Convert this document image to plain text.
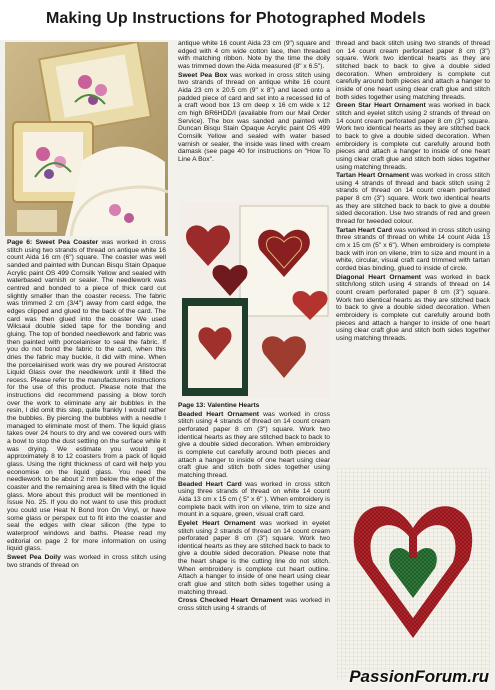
Making Up Instructions for Photographed Models

Page 6: Sweet Pea Coaster was worked in cross stitch using two strands of thread on antique white 16 count Aida 16 cm (6") square. The coaster was well sanded and painted with Duncan Bisqu Stain Opaque Acrylic paint OS 499 Cornsilk Yellow and sealed with waterbased varnish or sealer. The needlework was centred and bonded to a piece of thick card cut slightly smaller than the coaster recess. The fabric was trimmed 2 cm (3/4") away from card edge, the edges clipped and glued to the back of the card. The card was then glued into the coaster We used Wiksaui double sided tape for the bonding and gluing. The top of bonded needlework and fabric was then painted with porcelainiser to seal the fabric. If you do not bond the fabric to the card, when this dries the fabric may buckle, it did with mine. When the porcelainised work was dry we poured Aristocrat Liquid Glass over the needlework until it filled the recess. Please refer to the manufacturers instructions for the use of this product. Please note that the instructions did recommend passing a blow torch over the work to eliminate any air bubbles in the resin, I did omit this step, quite frankly I would rather the bubbles. By piercing the bubbles with a needle I managed to eliminate most of them. The liquid glass takes over 24 hours to dry and we covered ours with a bowl to stop the dust settling on the surface while it was drying. We estimate you would get approximately 8 to 12 coasters from a pack of liquid glass. Using the right thickness of card will help you economise on the liquid glass. You need the needlework to be about 2 mm below the edge of the coaster and the remaining area is filled with the liquid glass. More about this product will be mentioned in Issue No. 25. If you do not want to use this product you could use Heat N Bond Iron On Vinyl, or have some glass or perspex cut to fit into the coaster and seal the edges with clear silicon (the type to waterproof windows and baths. Please read my editorial on page 2 for more information on using liquid glass.

Sweet Pea Doily was worked in cross stitch using two strands of thread on

antique white 16 count Aida 23 cm (9") square and edged with 4 cm wide cotton lace, then threaded with matching ribbon. Note by the time the doily was trimmed down the Aida measured (8" x 6.5").

Sweet Pea Box was worked in cross stitch using two strands of thread on antique white 16 count Aida 23 cm x 20.5 cm (9" x 8") and laced onto a padded piece of card and set into a recessed lid of a craft wood box 13 cm deep x 16 cm wide x 12 cm high BR6HDD/I (available from our Mail Order Service). The box was sanded and painted with Duncan Bisqu Stain Opaque Acrylic paint OS 499 Cornsilk Yellow and sealed with water based varnish or sealer, the inside was lined with cream damask (see page 40 for instructions on "How To Line A Box".

Page 13: Valentine Hearts

Beaded Heart Ornament was worked in cross stitch using 4 strands of thread on 14 count cream perforated paper 8 cm (3") square. Work two identical hearts as they are stitched back to back to give a double sided decoration. When embroidery is complete cut carefully around both pieces and attach a hanger to inside of one heart using clear craft glue and stitch both sides together using matching thread.

Beaded Heart Card was worked in cross stitch using three strands of thread on white 14 count Aida 13 cm x 15 cm ( 5" x 6" ). When embroidery is complete back with iron on vilene, trim to size and mount in a square, green, visual craft card.

Eyelet Heart Ornament was worked in eyelet stitch using 2 strands of thread on 14 count cream perforated paper 8 cm (3") square. Work two identical hearts as they are stitched back to back to give a double sided decoration. Please note that the heart shape is the cutting line do not stitch. When embroidery is complete cut heart outline. Attach a hanger to inside of one heart using clear craft glue and stitch both sides together using a matching thread.

Cross Checked Heart Ornament was worked in cross stitch using 4 strands of

thread and back stitch using two strands of thread on 14 count cream perforated paper 8 cm (3") square. Work two identical hearts as they are stitched back to back to give a double sided decoration. When embroidery is complete cut carefully around both pieces and attach a hanger to inside of one heart using clear craft glue and stitch both sides together using matching threads.

Green Star Heart Ornament was worked in back stitch and eyelet stitch using 2 strands of thread on 14 count cream perforated paper 8 cm (3") square. Work two identical hearts as they are stitched back to back to give a double sided decoration. When embroidery is complete cut carefully around both pieces and attach a hanger to inside of one heart using clear craft glue and stitch both sides together using matching threads.

Tartan Heart Ornament was worked in cross stitch using 4 strands of thread and back stitch using 2 strands of thread on 14 count cream perforated paper 8 cm (3") square. Work two identical hearts as they are stitched back to back to give a double sided decoration. Use two strands of red and green thread for tweeded colour.

Tartan Heart Card was worked in cross stitch using three strands of thread on white 14 count Aida 13 cm x 15 cm (5" x 6"). When embroidery is complete back with iron on vilene, trim to size and mount in a white, circular, visual craft card trimmed with tartan corded bias binding, glued to inside of circle.

Diagonal Heart Ornament was worked in back stitch/long stitch using 4 strands of thread on 14 count cream perforated paper 8 cm (3") square. Work two identical hearts as they are stitched back to back to give a double sided decoration. When embroidery is complete cut carefully around both pieces and attach a hanger to inside of one heart using clear craft glue and stitch both sides together using matching threads.

PassionForum.ru
